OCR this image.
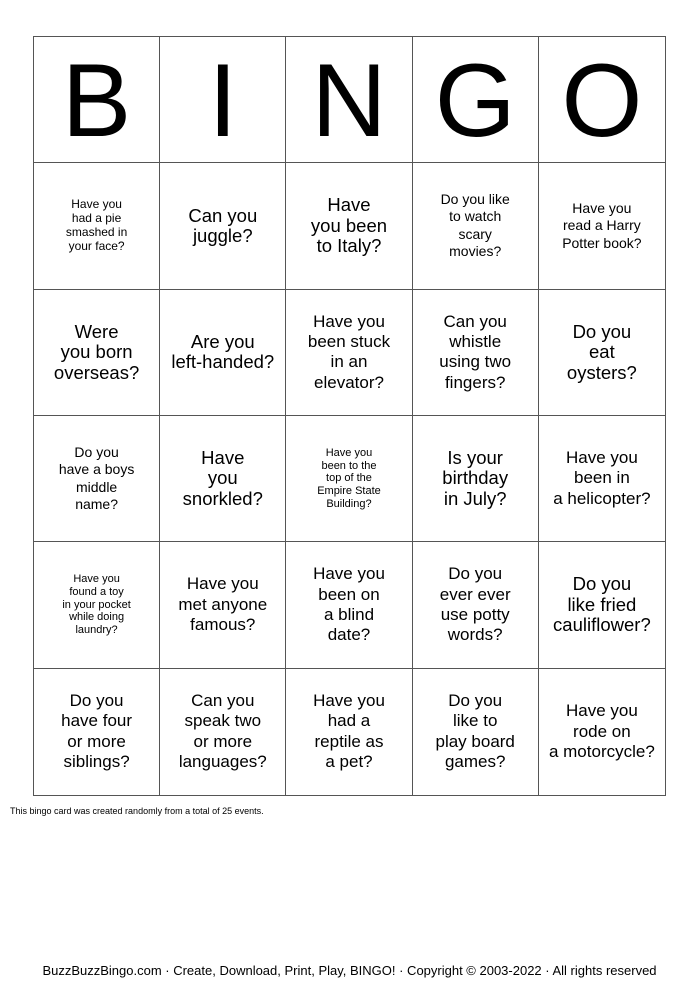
B I N G O
Have you
had a pie
smashed in
your face?
Can you
juggle?
Have
you been
to Italy?
Do you like
to watch
scary
movies?
Have you
read a Harry
Potter book?
Were
you born
overseas?
Are you
left-handed?
Have you
been stuck
in an
elevator?
Can you
whistle
using two
fingers?
Do you
eat
oysters?
Do you
have a boys
middle
name?
Have
you
snorkled?
Have you
been to the
top of the
Empire State
Building?
Is your
birthday
in July?
Have you
been in
a helicopter?
Have you
found a toy
in your pocket
while doing
laundry?
Have you
met anyone
famous?
Have you
been on
a blind
date?
Do you
ever ever
use potty
words?
Do you
like fried
cauliflower?
Do you
have four
or more
siblings?
Can you
speak two
or more
languages?
Have you
had a
reptile as
a pet?
Do you
like to
play board
games?
Have you
rode on
a motorcycle?
This bingo card was created randomly from a total of 25 events.
BuzzBuzzBingo.com · Create, Download, Print, Play, BINGO! · Copyright © 2003-2022 · All rights reserved
